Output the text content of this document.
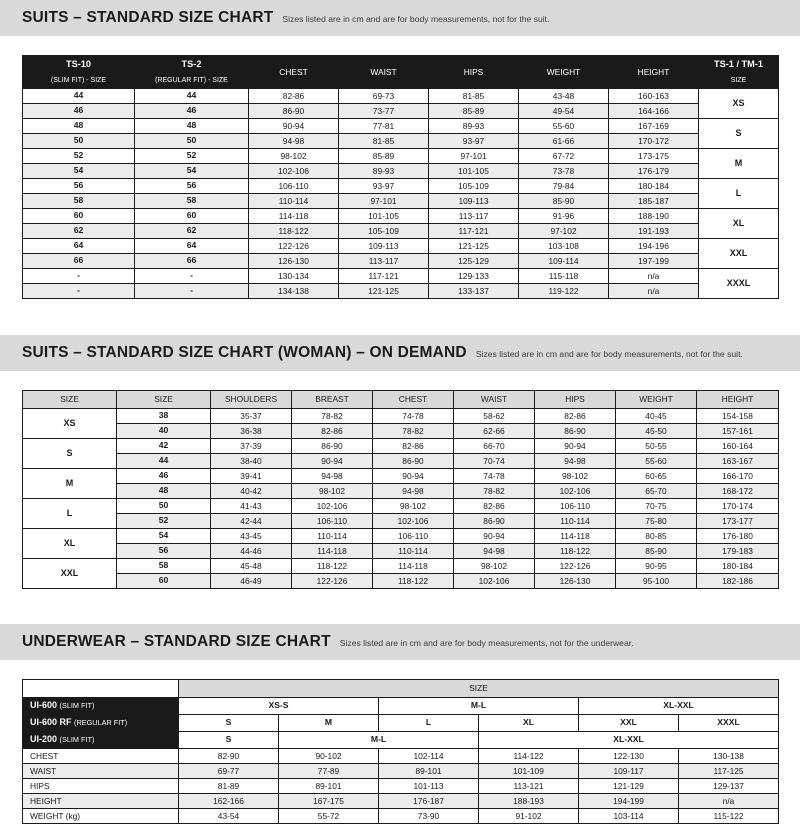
SUITS – STANDARD SIZE CHART Sizes listed are in cm and are for body measurements, not for the suit.
TS-10	TS-2	CHEST	WAIST	HIPS	WEIGHT	HEIGHT	TS-1 / TM-1

(SLIM FIT) - SIZE	(REGULAR FIT) - SIZE						SIZE

44	44	82-86	69-73	81-85	43-48	160-163	XS
46	46	86-90	73-77	85-89	49-54	164-166	
48	48	90-94	77-81	89-93	55-60	167-169	S
50	50	94-98	81-85	93-97	61-66	170-172	
52	52	98-102	85-89	97-101	67-72	173-175	M
54	54	102-106	89-93	101-105	73-78	176-179	
56	56	106-110	93-97	105-109	79-84	180-184	L
58	58	110-114	97-101	109-113	85-90	185-187	
60	60	114-118	101-105	113-117	91-96	188-190	XL
62	62	118-122	105-109	117-121	97-102	191-193	
64	64	122-126	109-113	121-125	103-108	194-196	XXL
66	66	126-130	113-117	125-129	109-114	197-199	
-	-	130-134	117-121	129-133	115-118	n/a	XXXL
-	-	134-138	121-125	133-137	119-122	n/a	
SUITS – STANDARD SIZE CHART (WOMAN) – ON DEMAND Sizes listed are in cm and are for body measurements, not for the suit.
SIZE	SIZE	SHOULDERS	BREAST	CHEST	WAIST	HIPS	WEIGHT	HEIGHT
XS	38	35-37	78-82	74-78	58-62	82-86	40-45	154-158
	40	36-38	82-86	78-82	62-66	86-90	45-50	157-161
S	42	37-39	86-90	82-86	66-70	90-94	50-55	160-164
	44	38-40	90-94	86-90	70-74	94-98	55-60	163-167
M	46	39-41	94-98	90-94	74-78	98-102	60-65	166-170
	48	40-42	98-102	94-98	78-82	102-106	65-70	168-172
L	50	41-43	102-106	98-102	82-86	106-110	70-75	170-174
	52	42-44	106-110	102-106	86-90	110-114	75-80	173-177
XL	54	43-45	110-114	106-110	90-94	114-118	80-85	176-180
	56	44-46	114-118	110-114	94-98	118-122	85-90	179-183
XXL	58	45-48	118-122	114-118	98-102	122-126	90-95	180-184
	60	46-49	122-126	118-122	102-106	126-130	95-100	182-186
UNDERWEAR – STANDARD SIZE CHART Sizes listed are in cm and are for body measurements, not for the underwear.
	SIZE					
UI-600 (SLIM FIT)	XS-S		M-L		XL-XXL	
UI-600 RF (REGULAR FIT)	S	M	L	XL	XXL	XXXL
UI-200 (SLIM FIT)	S	M-L		XL-XXL		
CHEST	82-90	90-102	102-114	114-122	122-130	130-138
WAIST	69-77	77-89	89-101	101-109	109-117	117-125
HIPS	81-89	89-101	101-113	113-121	121-129	129-137
HEIGHT	162-166	167-175	176-187	188-193	194-199	n/a
WEIGHT (kg)	43-54	55-72	73-90	91-102	103-114	115-122
